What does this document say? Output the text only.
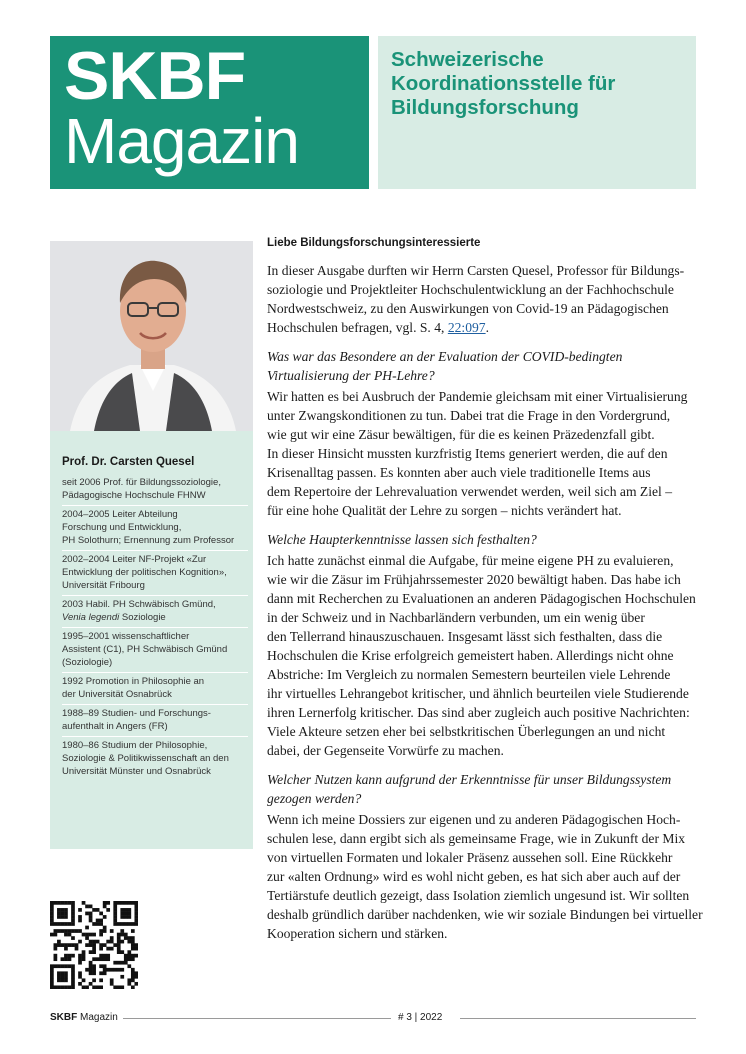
SKBF
Magazin
Schweizerische Koordinationsstelle für Bildungsforschung
Prof. Dr. Carsten Quesel
seit 2006 Prof. für Bildungssoziologie,
Pädagogische Hochschule FHNW
2004–2005 Leiter Abteilung
Forschung und Entwicklung,
PH Solothurn; Ernennung zum Professor
2002–2004 Leiter NF-Projekt «Zur
Entwicklung der politischen Kognition»,
Universität Fribourg
2003 Habil. PH Schwäbisch Gmünd,
Venia legendi Soziologie
1995–2001 wissenschaftlicher
Assistent (C1), PH Schwäbisch Gmünd
(Soziologie)
1992 Promotion in Philosophie an
der Universität Osnabrück
1988–89 Studien- und Forschungs-
aufenthalt in Angers (FR)
1980–86 Studium der Philosophie,
Soziologie & Politikwissenschaft an den
Universität Münster und Osnabrück
Liebe Bildungsforschungsinteressierte
In dieser Ausgabe durften wir Herrn Carsten Quesel, Professor für Bildungs-
soziologie und Projektleiter Hochschulentwicklung an der Fachhochschule
Nordwestschweiz, zu den Auswirkungen von Covid-19 an Pädagogischen
Hochschulen befragen, vgl. S. 4, 22:097.
Was war das Besondere an der Evaluation der COVID-bedingten
Virtualisierung der PH-Lehre?
Wir hatten es bei Ausbruch der Pandemie gleichsam mit einer Virtualisierung
unter Zwangskonditionen zu tun. Dabei trat die Frage in den Vordergrund,
wie gut wir eine Zäsur bewältigen, für die es keinen Präzedenzfall gibt.
In dieser Hinsicht mussten kurzfristig Items generiert werden, die auf den
Krisenalltag passen. Es konnten aber auch viele traditionelle Items aus
dem Repertoire der Lehrevaluation verwendet werden, weil sich am Ziel –
für eine hohe Qualität der Lehre zu sorgen – nichts verändert hat.
Welche Haupterkenntnisse lassen sich festhalten?
Ich hatte zunächst einmal die Aufgabe, für meine eigene PH zu evaluieren,
wie wir die Zäsur im Frühjahrssemester 2020 bewältigt haben. Das habe ich
dann mit Recherchen zu Evaluationen an anderen Pädagogischen Hochschulen
in der Schweiz und in Nachbarländern verbunden, um ein wenig über
den Tellerrand hinauszuschauen. Insgesamt lässt sich festhalten, dass die
Hochschulen die Krise erfolgreich gemeistert haben. Allerdings nicht ohne
Abstriche: Im Vergleich zu normalen Semestern beurteilen viele Lehrende
ihr virtuelles Lehrangebot kritischer, und ähnlich beurteilen viele Studierende
ihren Lernerfolg kritischer. Das sind aber zugleich auch positive Nachrichten:
Viele Akteure setzen eher bei selbstkritischen Überlegungen an und nicht
dabei, der Gegenseite Vorwürfe zu machen.
Welcher Nutzen kann aufgrund der Erkenntnisse für unser Bildungssystem
gezogen werden?
Wenn ich meine Dossiers zur eigenen und zu anderen Pädagogischen Hoch-
schulen lese, dann ergibt sich als gemeinsame Frage, wie in Zukunft der Mix
von virtuellen Formaten und lokaler Präsenz aussehen soll. Eine Rückkehr
zur «alten Ordnung» wird es wohl nicht geben, es hat sich aber auch auf der
Tertiärstufe deutlich gezeigt, dass Isolation ziemlich ungesund ist. Wir sollten
deshalb gründlich darüber nachdenken, wie wir soziale Bindungen bei virtueller
Kooperation sichern und stärken.
SKBF Magazin	# 3 | 2022
